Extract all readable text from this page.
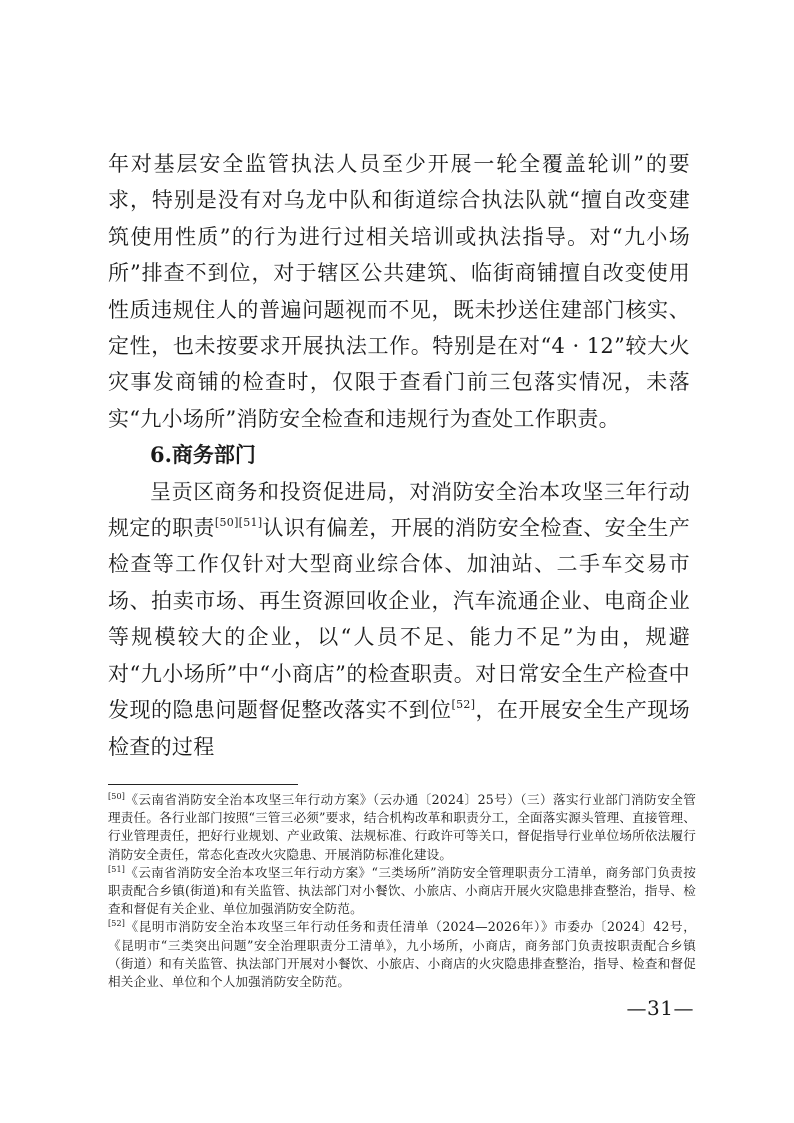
年对基层安全监管执法人员至少开展一轮全覆盖轮训”的要求，特别是没有对乌龙中队和街道综合执法队就“擅自改变建筑使用性质”的行为进行过相关培训或执法指导。对“九小场所”排查不到位，对于辖区公共建筑、临街商铺擅自改变使用性质违规住人的普遍问题视而不见，既未抄送住建部门核实、定性，也未按要求开展执法工作。特别是在对“4 · 12”较大火灾事发商铺的检查时，仅限于查看门前三包落实情况，未落实“九小场所”消防安全检查和违规行为查处工作职责。

6.商务部门

呈贡区商务和投资促进局，对消防安全治本攻坚三年行动规定的职责[50][51]认识有偏差，开展的消防安全检查、安全生产检查等工作仅针对大型商业综合体、加油站、二手车交易市场、拍卖市场、再生资源回收企业，汽车流通企业、电商企业等规模较大的企业，以“人员不足、能力不足”为由，规避对“九小场所”中“小商店”的检查职责。对日常安全生产检查中发现的隐患问题督促整改落实不到位[52]，在开展安全生产现场检查的过程

[50]《云南省消防安全治本攻坚三年行动方案》（云办通〔2024〕25号）（三）落实行业部门消防安全管理责任。各行业部门按照“三管三必须”要求，结合机构改革和职责分工，全面落实源头管理、直接管理、行业管理责任，把好行业规划、产业政策、法规标准、行政许可等关口，督促指导行业单位场所依法履行消防安全责任，常态化查改火灾隐患、开展消防标准化建设。

[51]《云南省消防安全治本攻坚三年行动方案》“三类场所”消防安全管理职责分工清单，商务部门负责按职责配合乡镇(街道)和有关监管、执法部门对小餐饮、小旅店、小商店开展火灾隐患排查整治，指导、检查和督促有关企业、单位加强消防安全防范。

[52]《昆明市消防安全治本攻坚三年行动任务和责任清单（2024—2026年）》市委办〔2024〕42号，《昆明市“三类突出问题”安全治理职责分工清单》，九小场所，小商店，商务部门负责按职责配合乡镇（街道）和有关监管、执法部门开展对小餐饮、小旅店、小商店的火灾隐患排查整治，指导、检查和督促相关企业、单位和个人加强消防安全防范。

—31—
